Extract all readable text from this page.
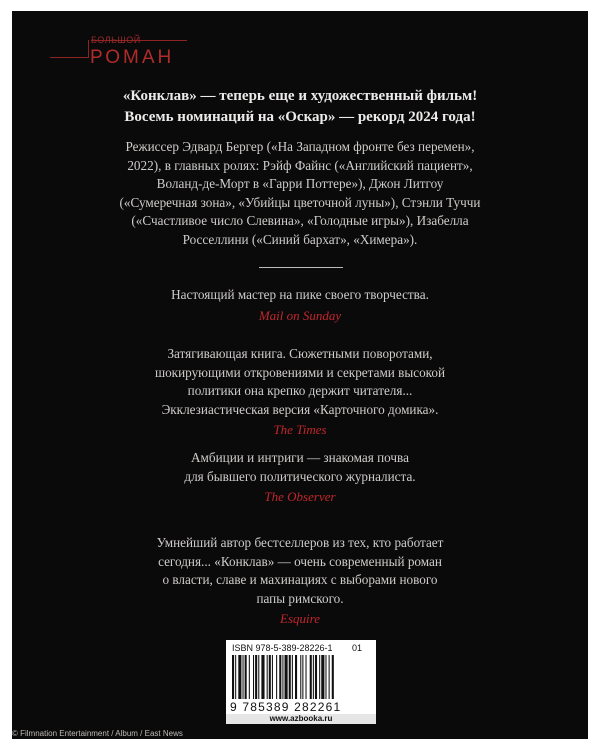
БОЛЬШОЙ
РОМАН
«Конклав» — теперь еще и художественный фильм!
Восемь номинаций на «Оскар» — рекорд 2024 года!
Режиссер Эдвард Бергер («На Западном фронте без перемен»,
2022), в главных ролях: Рэйф Файнс («Английский пациент»,
Воланд-де-Морт в «Гарри Поттере»), Джон Литгоу
(«Сумеречная зона», «Убийцы цветочной луны»), Стэнли Туччи
(«Счастливое число Слевина», «Голодные игры»), Изабелла
Росселлини («Синий бархат», «Химера»).
Настоящий мастер на пике своего творчества.
Mail on Sunday
Затягивающая книга. Сюжетными поворотами,
шокирующими откровениями и секретами высокой
политики она крепко держит читателя...
Экклезиастическая версия «Карточного домика».
The Times
Амбиции и интриги — знакомая почва
для бывшего политического журналиста.
The Observer
Умнейший автор бестселлеров из тех, кто работает
сегодня... «Конклав» — очень современный роман
о власти, славе и махинациях с выборами нового
папы римского.
Esquire
ISBN 978-5-389-28226-1 01
9 785389 282261
www.azbooka.ru
© Filmnation Entertainment / Album / East News
